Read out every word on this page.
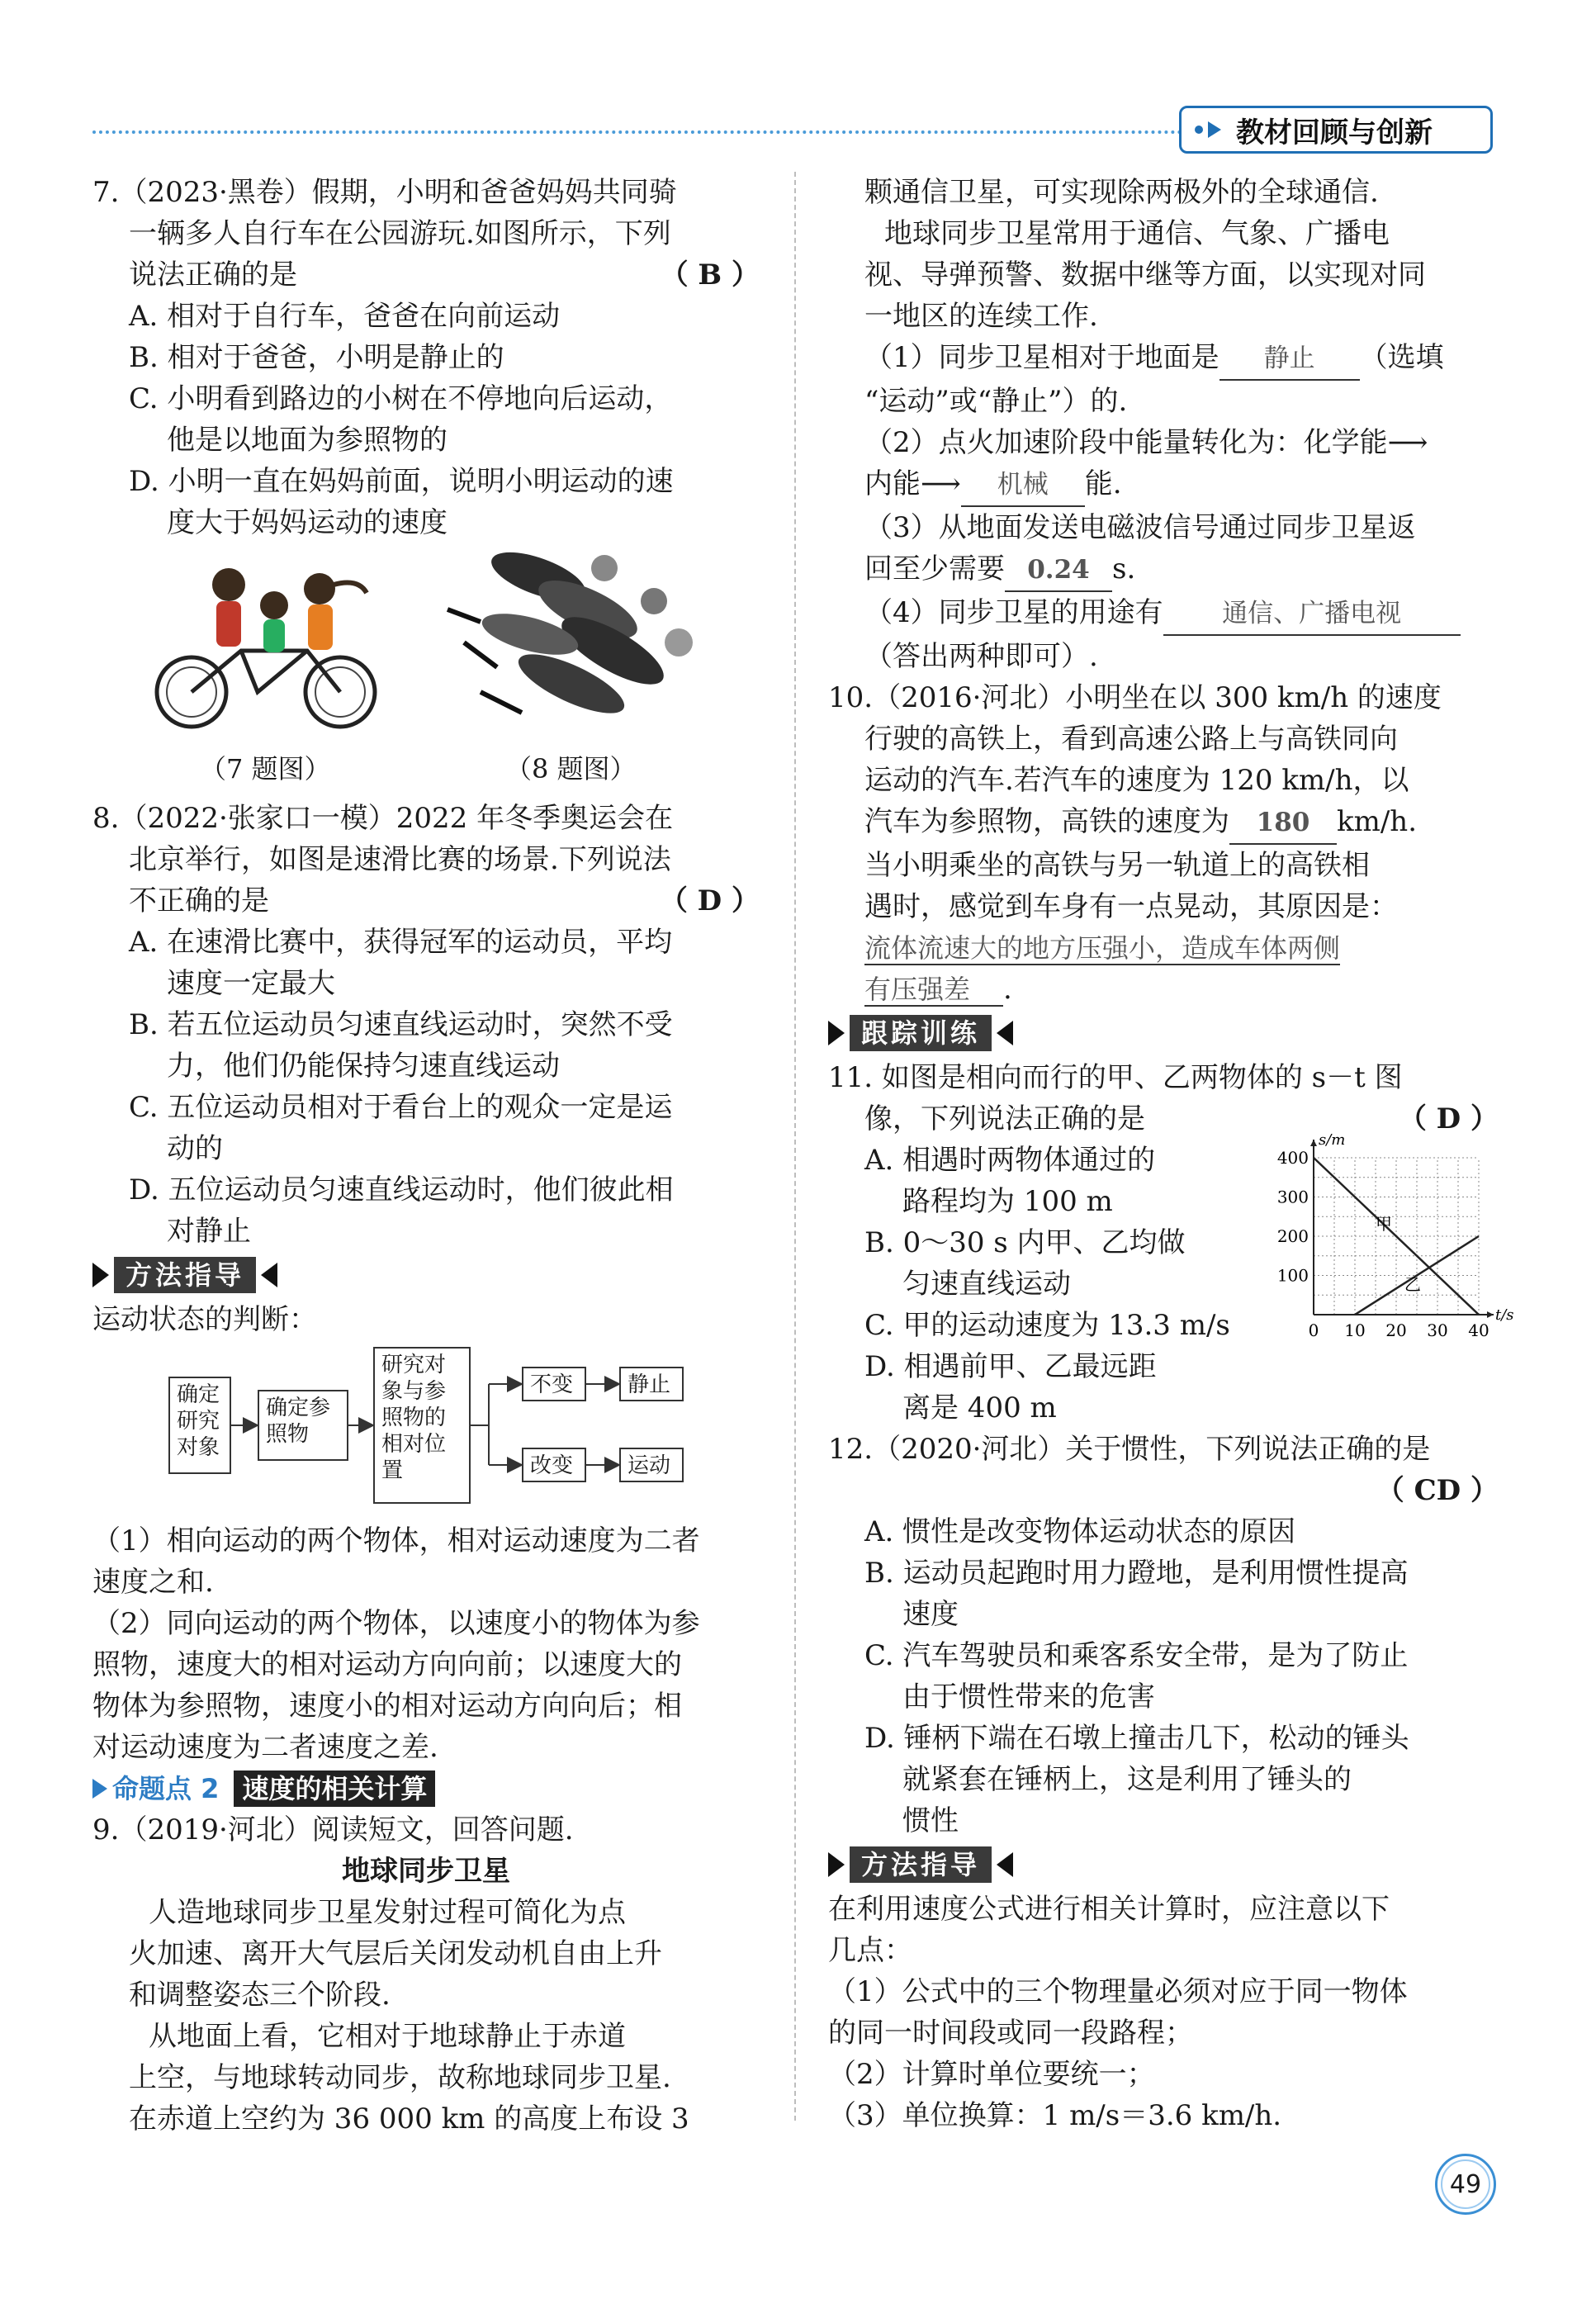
教材回顾与创新
7.（2023·黑卷）假期，小明和爸爸妈妈共同骑
一辆多人自行车在公园游玩.如图所示，下列
说法正确的是	（ B ）
A. 相对于自行车，爸爸在向前运动
B. 相对于爸爸，小明是静止的
C. 小明看到路边的小树在不停地向后运动，
他是以地面为参照物的
D. 小明一直在妈妈前面，说明小明运动的速
度大于妈妈运动的速度
（7 题图）	（8 题图）
8.（2022·张家口一模）2022 年冬季奥运会在
北京举行，如图是速滑比赛的场景.下列说法
不正确的是	（ D ）
A. 在速滑比赛中，获得冠军的运动员，平均
速度一定最大
B. 若五位运动员匀速直线运动时，突然不受
力，他们仍能保持匀速直线运动
C. 五位运动员相对于看台上的观众一定是运
动的
D. 五位运动员匀速直线运动时，他们彼此相
对静止
方法指导
运动状态的判断：
确定研究对象
确定参照物
研究对象与参照物的相对位置
不变	静止
改变	运动
（1）相向运动的两个物体，相对运动速度为二者
速度之和.
（2）同向运动的两个物体，以速度小的物体为参
照物，速度大的相对运动方向向前；以速度大的
物体为参照物，速度小的相对运动方向向后；相
对运动速度为二者速度之差.
命题点 2 速度的相关计算
9.（2019·河北）阅读短文，回答问题.
地球同步卫星
人造地球同步卫星发射过程可简化为点
火加速、离开大气层后关闭发动机自由上升
和调整姿态三个阶段.
从地面上看，它相对于地球静止于赤道
上空，与地球转动同步，故称地球同步卫星.
在赤道上空约为 36 000 km 的高度上布设 3
颗通信卫星，可实现除两极外的全球通信.
地球同步卫星常用于通信、气象、广播电
视、导弹预警、数据中继等方面，以实现对同
一地区的连续工作.
（1）同步卫星相对于地面是 静止 （选填
“运动”或“静止”）的.
（2）点火加速阶段中能量转化为：化学能⟶
内能⟶ 机械 能.
（3）从地面发送电磁波信号通过同步卫星返
回至少需要 0.24 s.
（4）同步卫星的用途有 通信、广播电视
（答出两种即可）.
10.（2016·河北）小明坐在以 300 km/h 的速度
行驶的高铁上，看到高速公路上与高铁同向
运动的汽车.若汽车的速度为 120 km/h，以
汽车为参照物，高铁的速度为 180 km/h.
当小明乘坐的高铁与另一轨道上的高铁相
遇时，感觉到车身有一点晃动，其原因是：
流体流速大的地方压强小，造成车体两侧
有压强差 .
跟踪训练
11. 如图是相向而行的甲、乙两物体的 s－t 图
像，下列说法正确的是	（ D ）
A. 相遇时两物体通过的
路程均为 100 m
B. 0～30 s 内甲、乙均做
匀速直线运动
C. 甲的运动速度为 13.3 m/s
D. 相遇前甲、乙最远距
离是 400 m
0 10 20 30 40
100
200
300
400
t/s
s/m
甲
乙
12.（2020·河北）关于惯性，下列说法正确的是
（ CD ）
A. 惯性是改变物体运动状态的原因
B. 运动员起跑时用力蹬地，是利用惯性提高
速度
C. 汽车驾驶员和乘客系安全带，是为了防止
由于惯性带来的危害
D. 锤柄下端在石墩上撞击几下，松动的锤头
就紧套在锤柄上，这是利用了锤头的
惯性
方法指导
在利用速度公式进行相关计算时，应注意以下
几点：
（1）公式中的三个物理量必须对应于同一物体
的同一时间段或同一段路程；
（2）计算时单位要统一；
（3）单位换算：1 m/s＝3.6 km/h.
49
